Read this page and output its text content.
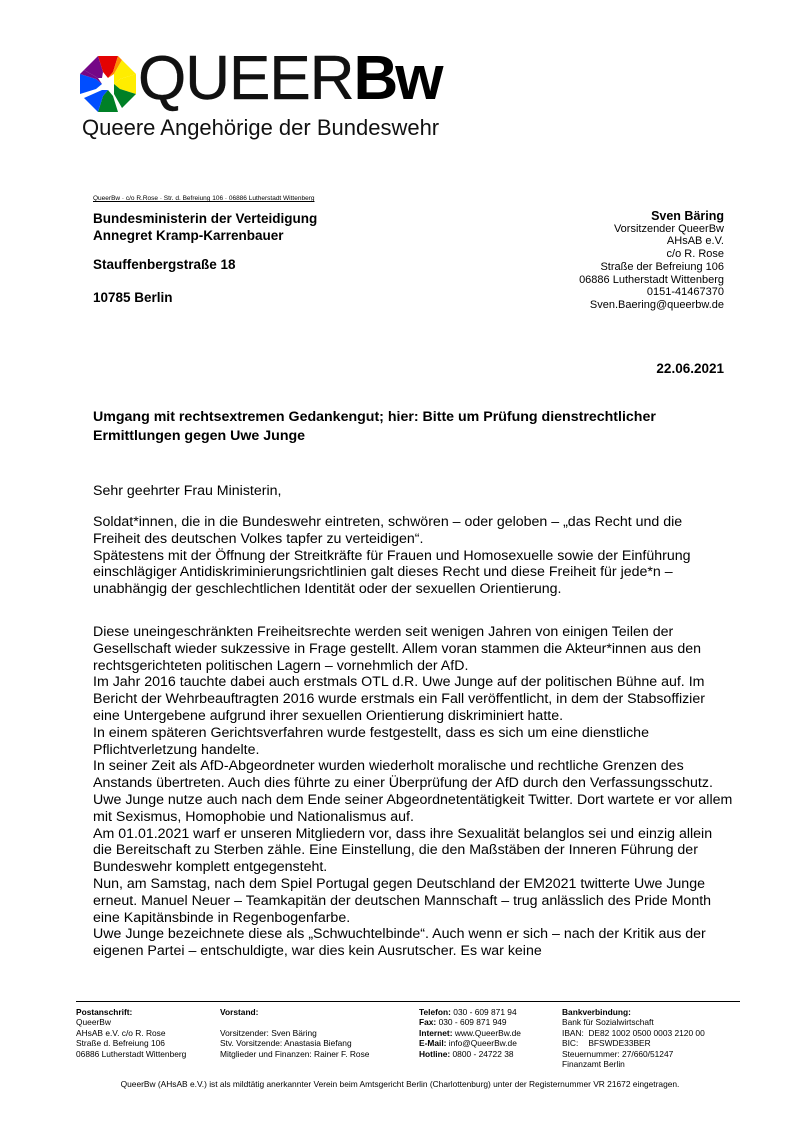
QUEERBw
Queere Angehörige der Bundeswehr
QueerBw · c/o R.Rose · Str. d. Befreiung 106 · 06886 Lutherstadt Wittenberg
Bundesministerin der Verteidigung
Annegret Kramp-Karrenbauer
Stauffenbergstraße 18
10785 Berlin
Sven Bäring
Vorsitzender QueerBw
AHsAB e.V.
c/o R. Rose
Straße der Befreiung 106
06886 Lutherstadt Wittenberg
0151-41467370
Sven.Baering@queerbw.de
22.06.2021
Umgang mit rechtsextremen Gedankengut; hier: Bitte um Prüfung dienstrechtlicher Ermittlungen gegen Uwe Junge
Sehr geehrter Frau Ministerin,

Soldat*innen, die in die Bundeswehr eintreten, schwören – oder geloben – „das Recht und die Freiheit des deutschen Volkes tapfer zu verteidigen“.

Spätestens mit der Öffnung der Streitkräfte für Frauen und Homosexuelle sowie der Einführung einschlägiger Antidiskriminierungsrichtlinien galt dieses Recht und diese Freiheit für jede*n – unabhängig der geschlechtlichen Identität oder der sexuellen Orientierung.

Diese uneingeschränkten Freiheitsrechte werden seit wenigen Jahren von einigen Teilen der Gesellschaft wieder sukzessive in Frage gestellt. Allem voran stammen die Akteur*innen aus den rechtsgerichteten politischen Lagern – vornehmlich der AfD.

Im Jahr 2016 tauchte dabei auch erstmals OTL d.R. Uwe Junge auf der politischen Bühne auf. Im Bericht der Wehrbeauftragten 2016 wurde erstmals ein Fall veröffentlicht, in dem der Stabsoffizier eine Untergebene aufgrund ihrer sexuellen Orientierung diskriminiert hatte.

In einem späteren Gerichtsverfahren wurde festgestellt, dass es sich um eine dienstliche Pflichtverletzung handelte.

In seiner Zeit als AfD-Abgeordneter wurden wiederholt moralische und rechtliche Grenzen des Anstands übertreten. Auch dies führte zu einer Überprüfung der AfD durch den Verfassungsschutz.

Uwe Junge nutze auch nach dem Ende seiner Abgeordnetentätigkeit Twitter. Dort wartete er vor allem mit Sexismus, Homophobie und Nationalismus auf.

Am 01.01.2021 warf er unseren Mitgliedern vor, dass ihre Sexualität belanglos sei und einzig allein die Bereitschaft zu Sterben zähle. Eine Einstellung, die den Maßstäben der Inneren Führung der Bundeswehr komplett entgegensteht.

Nun, am Samstag, nach dem Spiel Portugal gegen Deutschland der EM2021 twitterte Uwe Junge erneut. Manuel Neuer – Teamkapitän der deutschen Mannschaft – trug anlässlich des Pride Month eine Kapitänsbinde in Regenbogenfarbe.

Uwe Junge bezeichnete diese als „Schwuchtelbinde“. Auch wenn er sich – nach der Kritik aus der eigenen Partei – entschuldigte, war dies kein Ausrutscher. Es war keine

Postanschrift:
QueerBw
AHsAB e.V. c/o R. Rose
Straße d. Befreiung 106
06886 Lutherstadt Wittenberg
Vorstand:
Vorsitzender: Sven Bäring
Stv. Vorsitzende: Anastasia Biefang
Mitglieder und Finanzen: Rainer F. Rose
Telefon: 030 - 609 871 94
Fax: 030 - 609 871 949
Internet: www.QueerBw.de
E-Mail: info@QueerBw.de
Hotline: 0800 - 24722 38
Bankverbindung:
Bank für Sozialwirtschaft
IBAN: DE82 1002 0500 0003 2120 00
BIC: BFSWDE33BER
Steuernummer: 27/660/51247
Finanzamt Berlin
QueerBw (AHsAB e.V.) ist als mildtätig anerkannter Verein beim Amtsgericht Berlin (Charlottenburg) unter der Registernummer VR 21672 eingetragen.
